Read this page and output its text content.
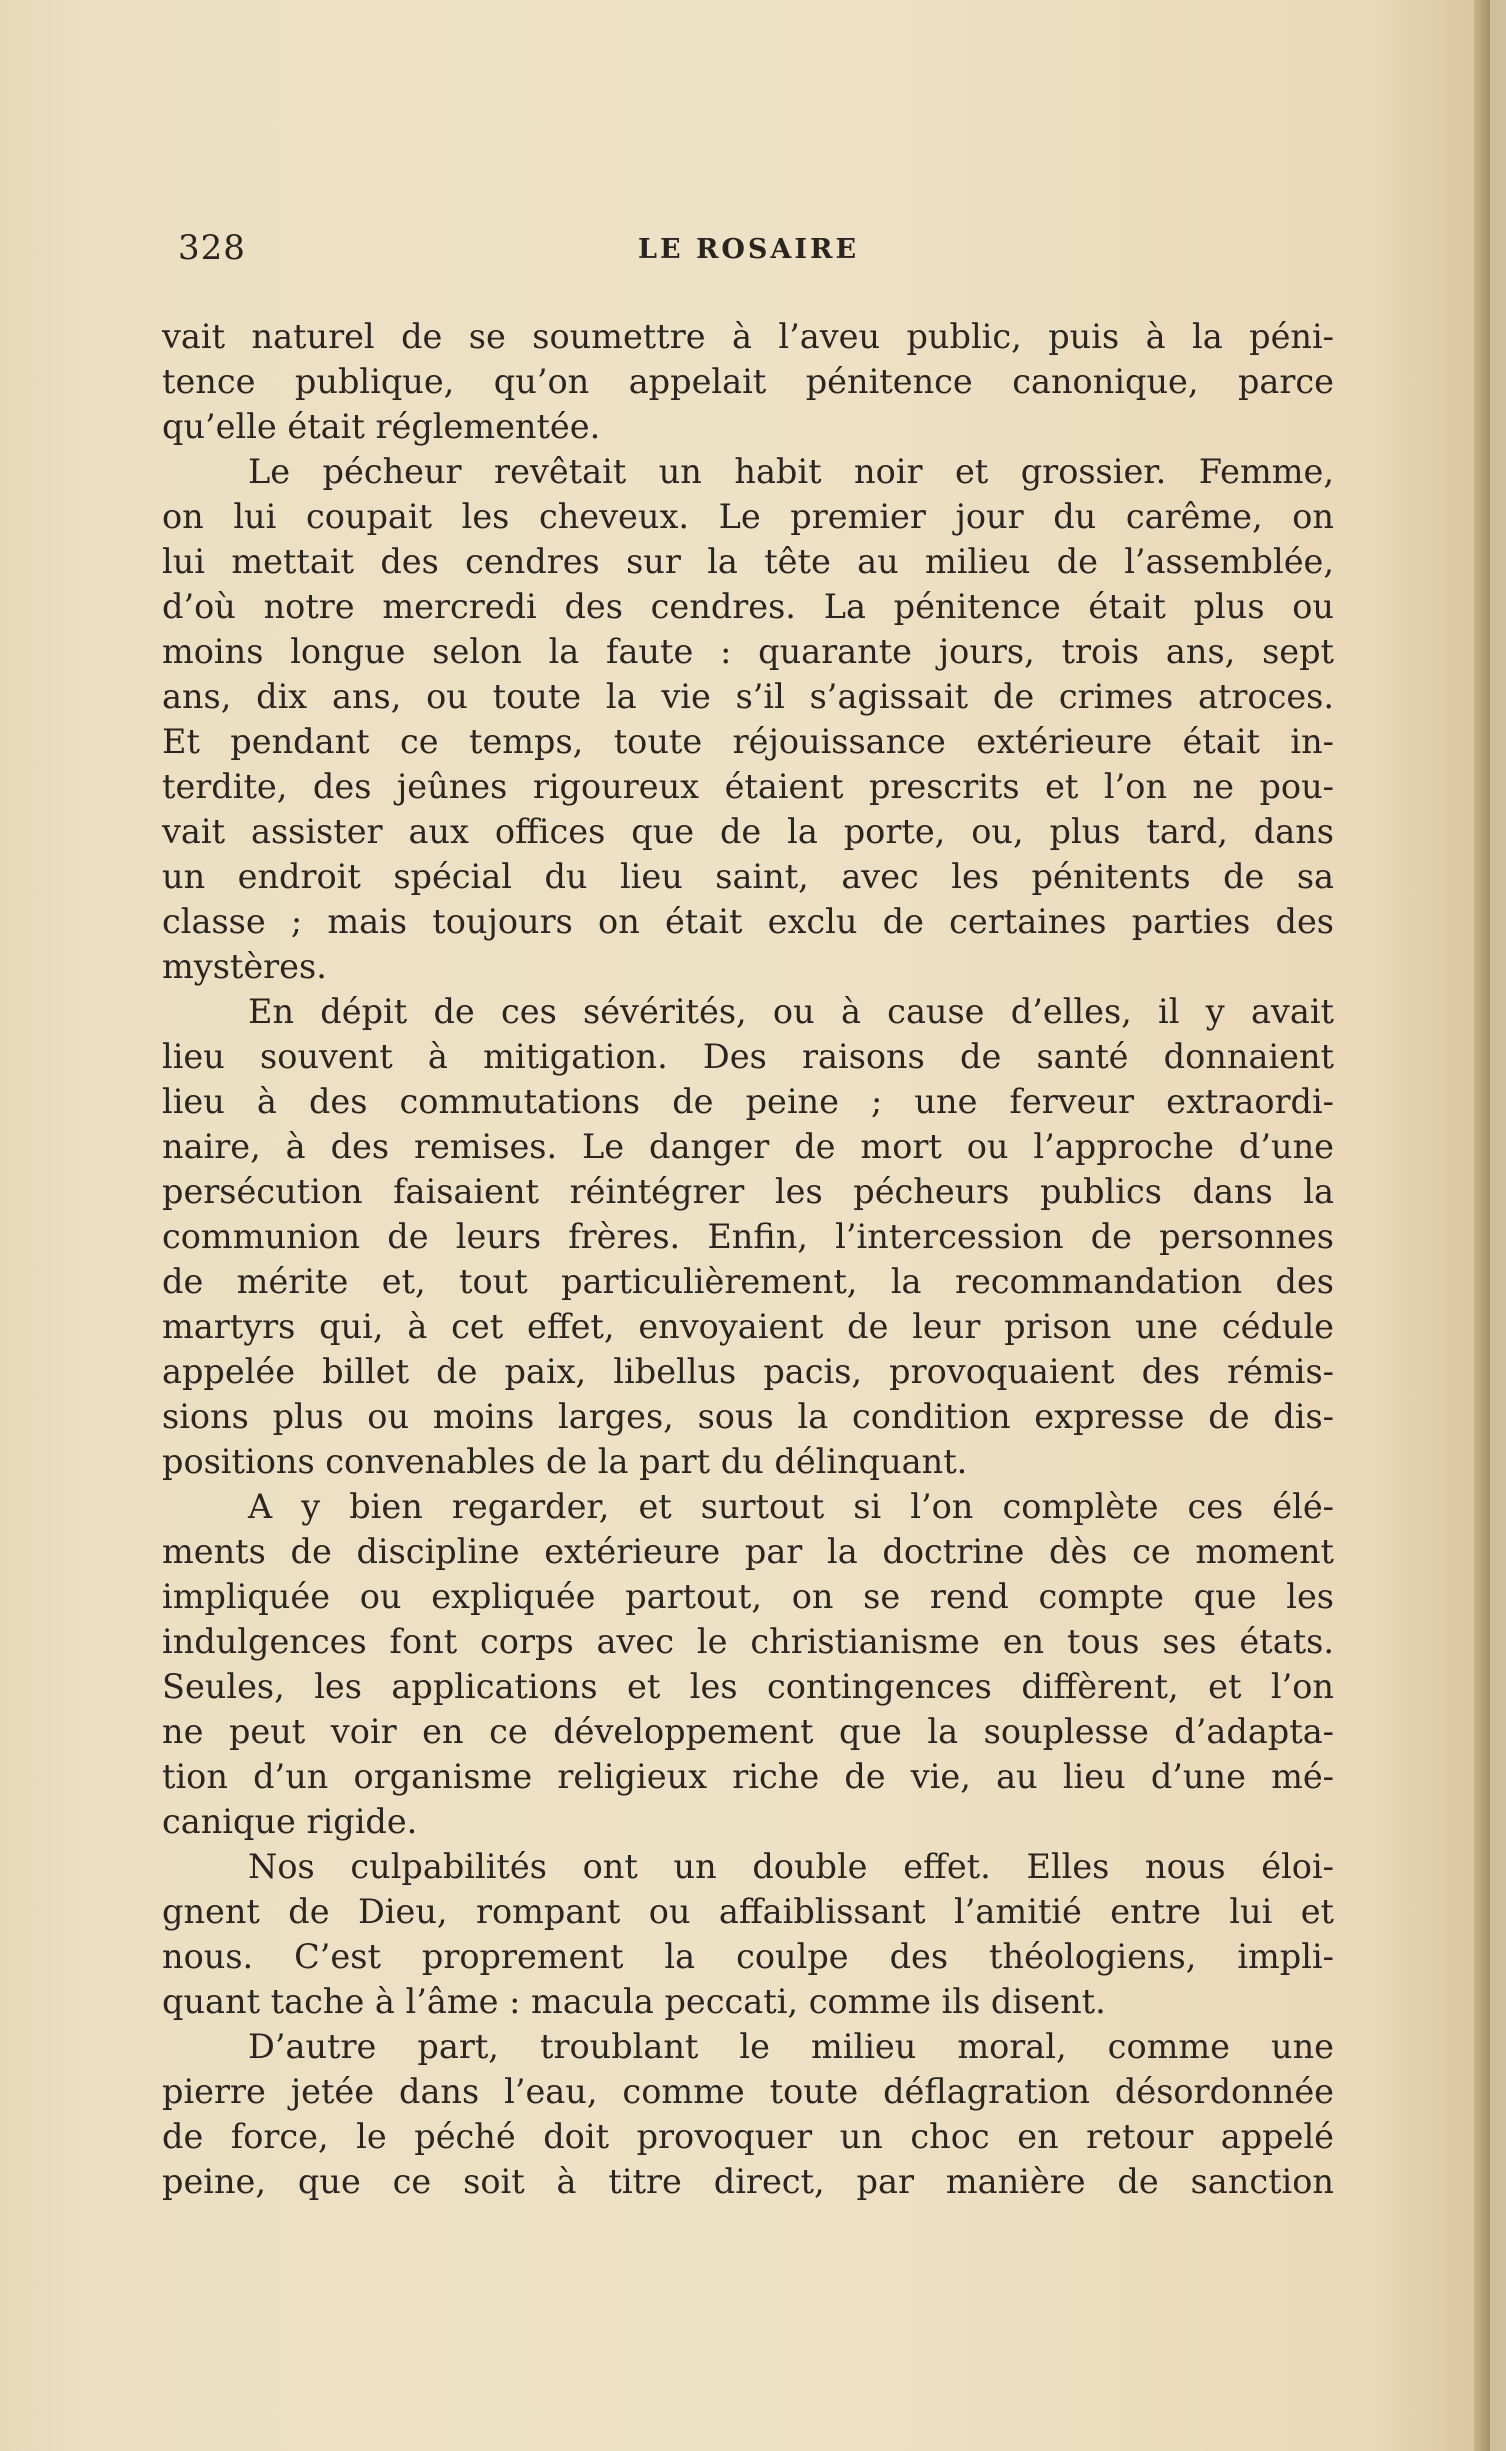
328	LE ROSAIRE
vait naturel de se soumettre à l’aveu public, puis à la péni-
tence publique, qu’on appelait pénitence canonique, parce
qu’elle était réglementée.
Le pécheur revêtait un habit noir et grossier. Femme,
on lui coupait les cheveux. Le premier jour du carême, on
lui mettait des cendres sur la tête au milieu de l’assemblée,
d’où notre mercredi des cendres. La pénitence était plus ou
moins longue selon la faute : quarante jours, trois ans, sept
ans, dix ans, ou toute la vie s’il s’agissait de crimes atroces.
Et pendant ce temps, toute réjouissance extérieure était in-
terdite, des jeûnes rigoureux étaient prescrits et l’on ne pou-
vait assister aux offices que de la porte, ou, plus tard, dans
un endroit spécial du lieu saint, avec les pénitents de sa
classe ; mais toujours on était exclu de certaines parties des
mystères.
En dépit de ces sévérités, ou à cause d’elles, il y avait
lieu souvent à mitigation. Des raisons de santé donnaient
lieu à des commutations de peine ; une ferveur extraordi-
naire, à des remises. Le danger de mort ou l’approche d’une
persécution faisaient réintégrer les pécheurs publics dans la
communion de leurs frères. Enfin, l’intercession de personnes
de mérite et, tout particulièrement, la recommandation des
martyrs qui, à cet effet, envoyaient de leur prison une cédule
appelée billet de paix, libellus pacis, provoquaient des rémis-
sions plus ou moins larges, sous la condition expresse de dis-
positions convenables de la part du délinquant.
A y bien regarder, et surtout si l’on complète ces élé-
ments de discipline extérieure par la doctrine dès ce moment
impliquée ou expliquée partout, on se rend compte que les
indulgences font corps avec le christianisme en tous ses états.
Seules, les applications et les contingences diffèrent, et l’on
ne peut voir en ce développement que la souplesse d’adapta-
tion d’un organisme religieux riche de vie, au lieu d’une mé-
canique rigide.
Nos culpabilités ont un double effet. Elles nous éloi-
gnent de Dieu, rompant ou affaiblissant l’amitié entre lui et
nous. C’est proprement la coulpe des théologiens, impli-
quant tache à l’âme : macula peccati, comme ils disent.
D’autre part, troublant le milieu moral, comme une
pierre jetée dans l’eau, comme toute déflagration désordonnée
de force, le péché doit provoquer un choc en retour appelé
peine, que ce soit à titre direct, par manière de sanction
